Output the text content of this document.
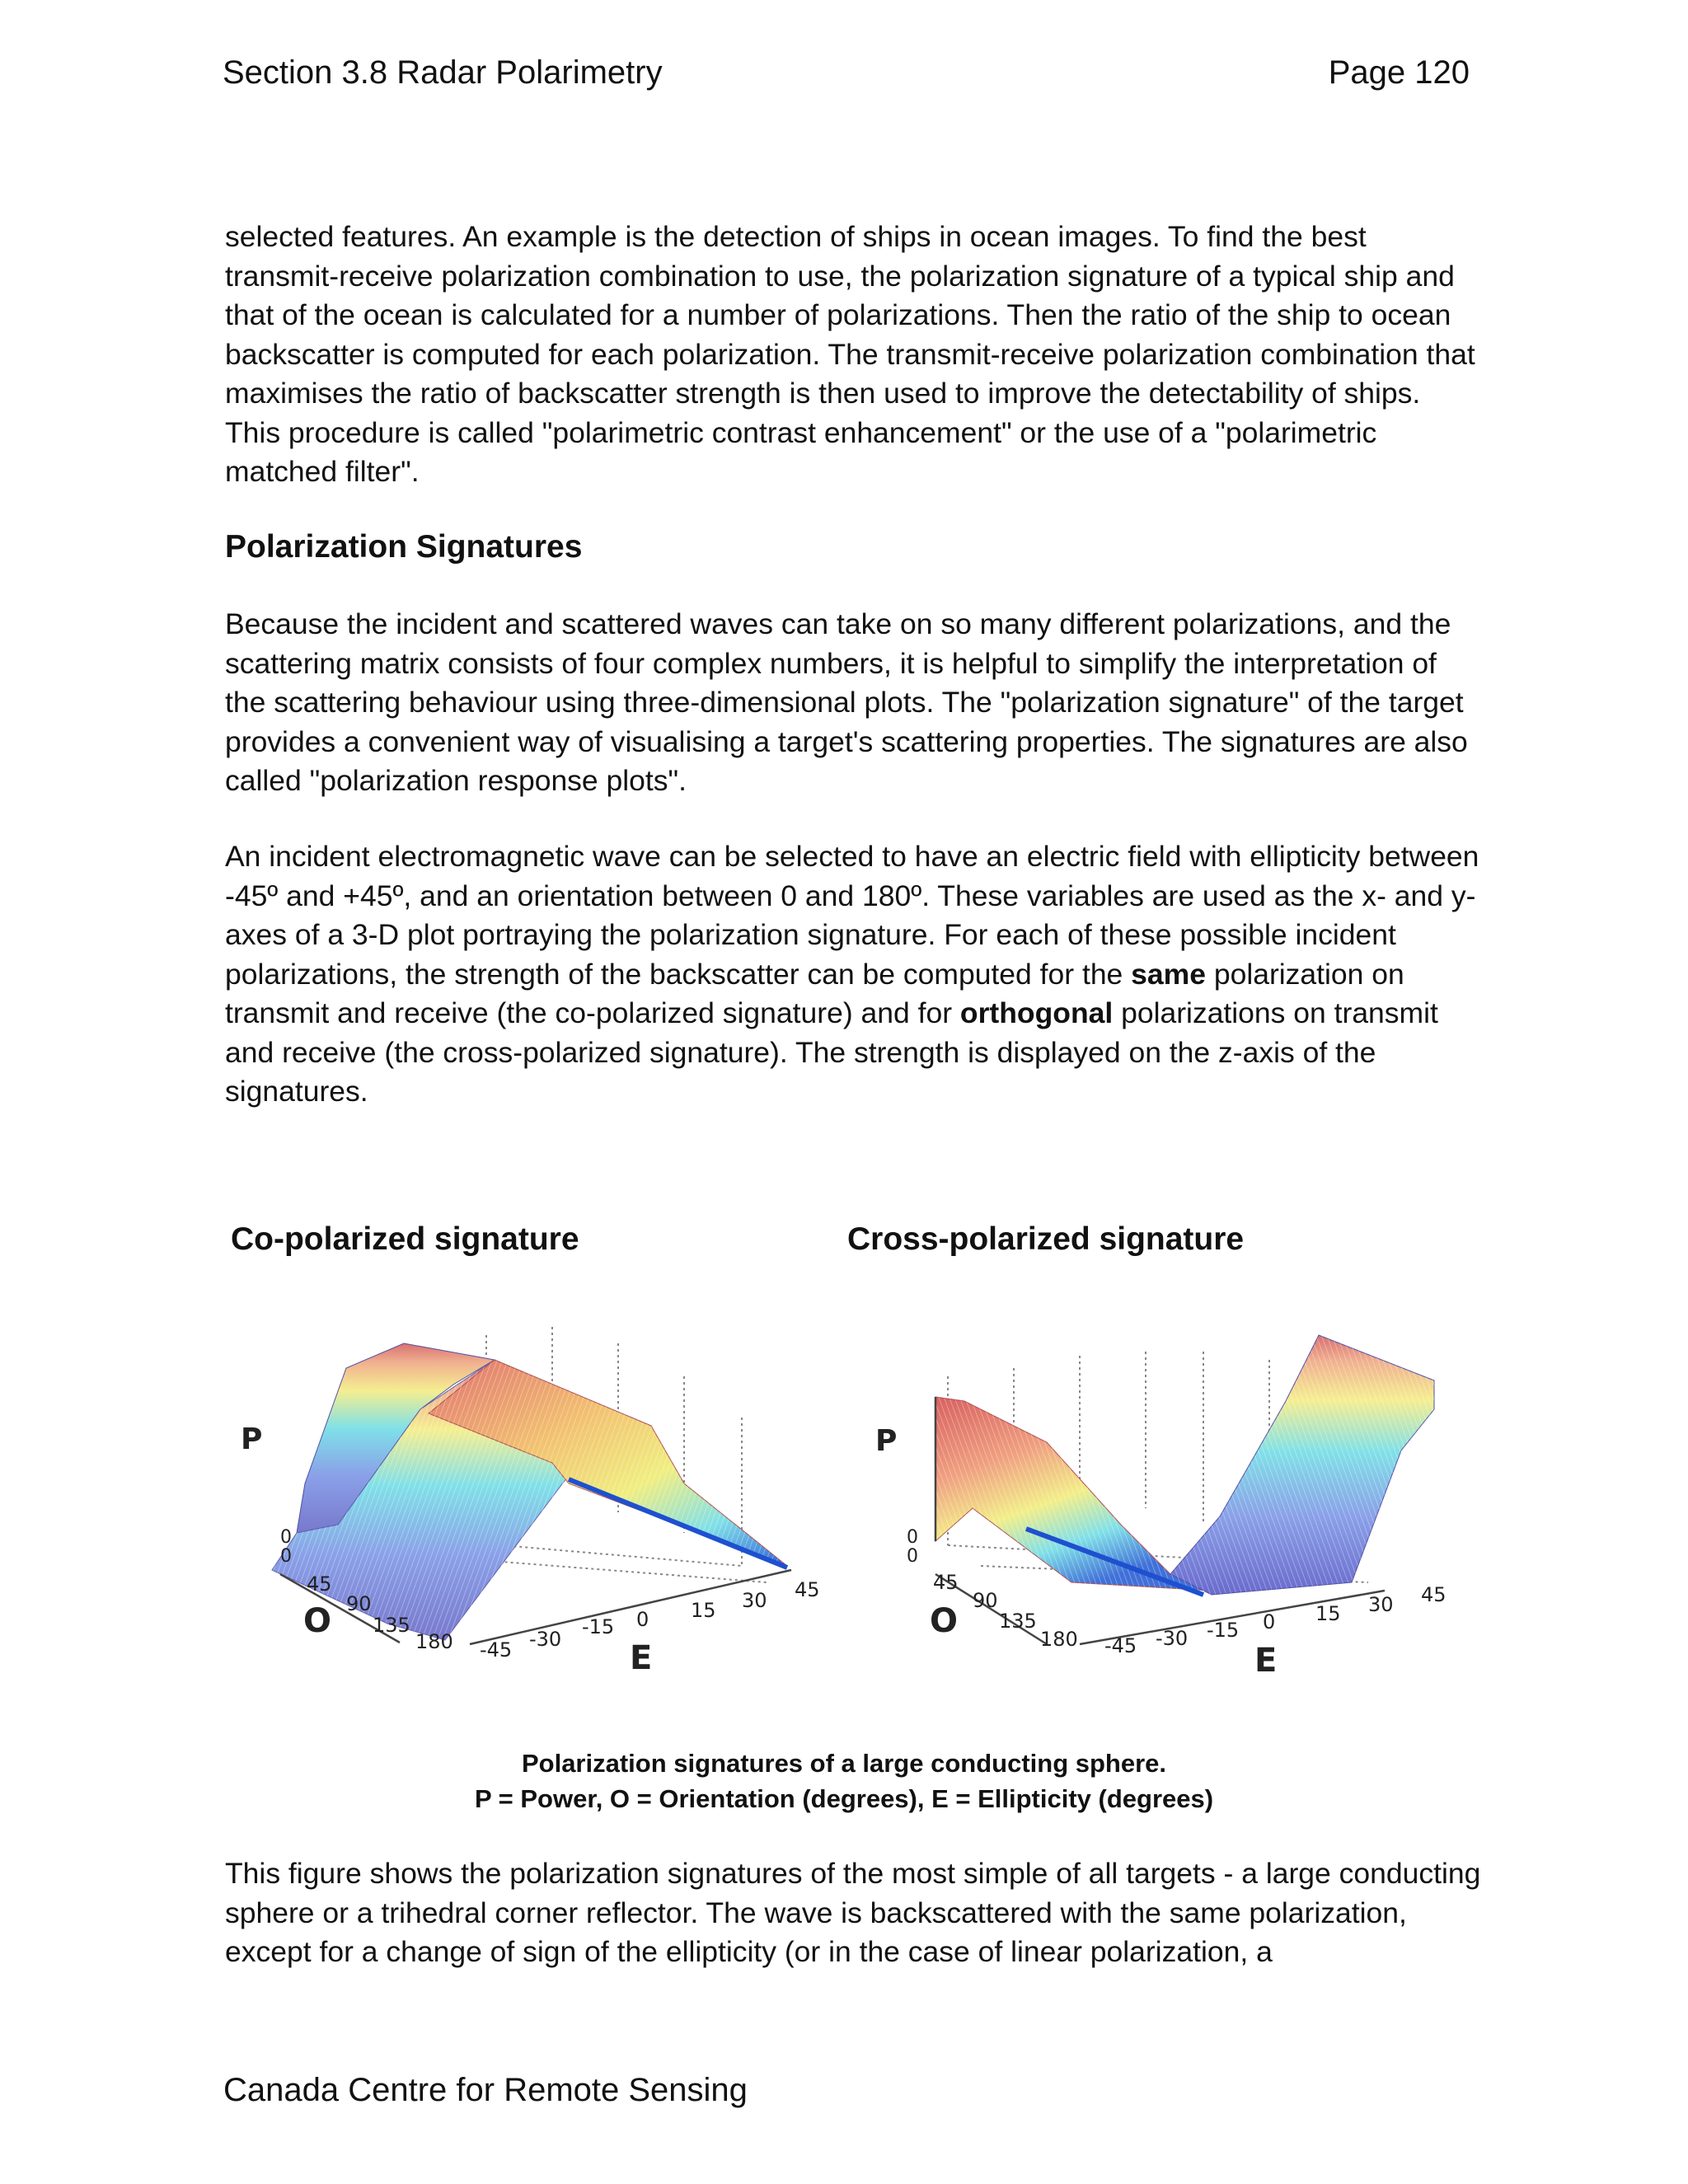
Section 3.8 Radar Polarimetry	Page 120

selected features. An example is the detection of ships in ocean images. To find the best transmit-receive polarization combination to use, the polarization signature of a typical ship and that of the ocean is calculated for a number of polarizations. Then the ratio of the ship to ocean backscatter is computed for each polarization. The transmit-receive polarization combination that maximises the ratio of backscatter strength is then used to improve the detectability of ships. This procedure is called "polarimetric contrast enhancement" or the use of a "polarimetric matched filter".

Polarization Signatures

Because the incident and scattered waves can take on so many different polarizations, and the scattering matrix consists of four complex numbers, it is helpful to simplify the interpretation of the scattering behaviour using three-dimensional plots. The "polarization signature" of the target provides a convenient way of visualising a target's scattering properties. The signatures are also called "polarization response plots".

An incident electromagnetic wave can be selected to have an electric field with ellipticity between -45º and +45º, and an orientation between 0 and 180º. These variables are used as the x- and y-axes of a 3-D plot portraying the polarization signature. For each of these possible incident polarizations, the strength of the backscatter can be computed for the same polarization on transmit and receive (the co-polarized signature) and for orthogonal polarizations on transmit and receive (the cross-polarized signature). The strength is displayed on the z-axis of the signatures.

Co-polarized signature	Cross-polarized signature
P
0
0
45
90
135
180
O
-45 -30
-15 0 15 30 45
E
P
0
0
45
90
135
180
O
-45 -30 -15 0 15 30 45
E
Polarization signatures of a large conducting sphere.
P = Power, O = Orientation (degrees), E = Ellipticity (degrees)

This figure shows the polarization signatures of the most simple of all targets - a large conducting sphere or a trihedral corner reflector. The wave is backscattered with the same polarization, except for a change of sign of the ellipticity (or in the case of linear polarization, a

Canada Centre for Remote Sensing
